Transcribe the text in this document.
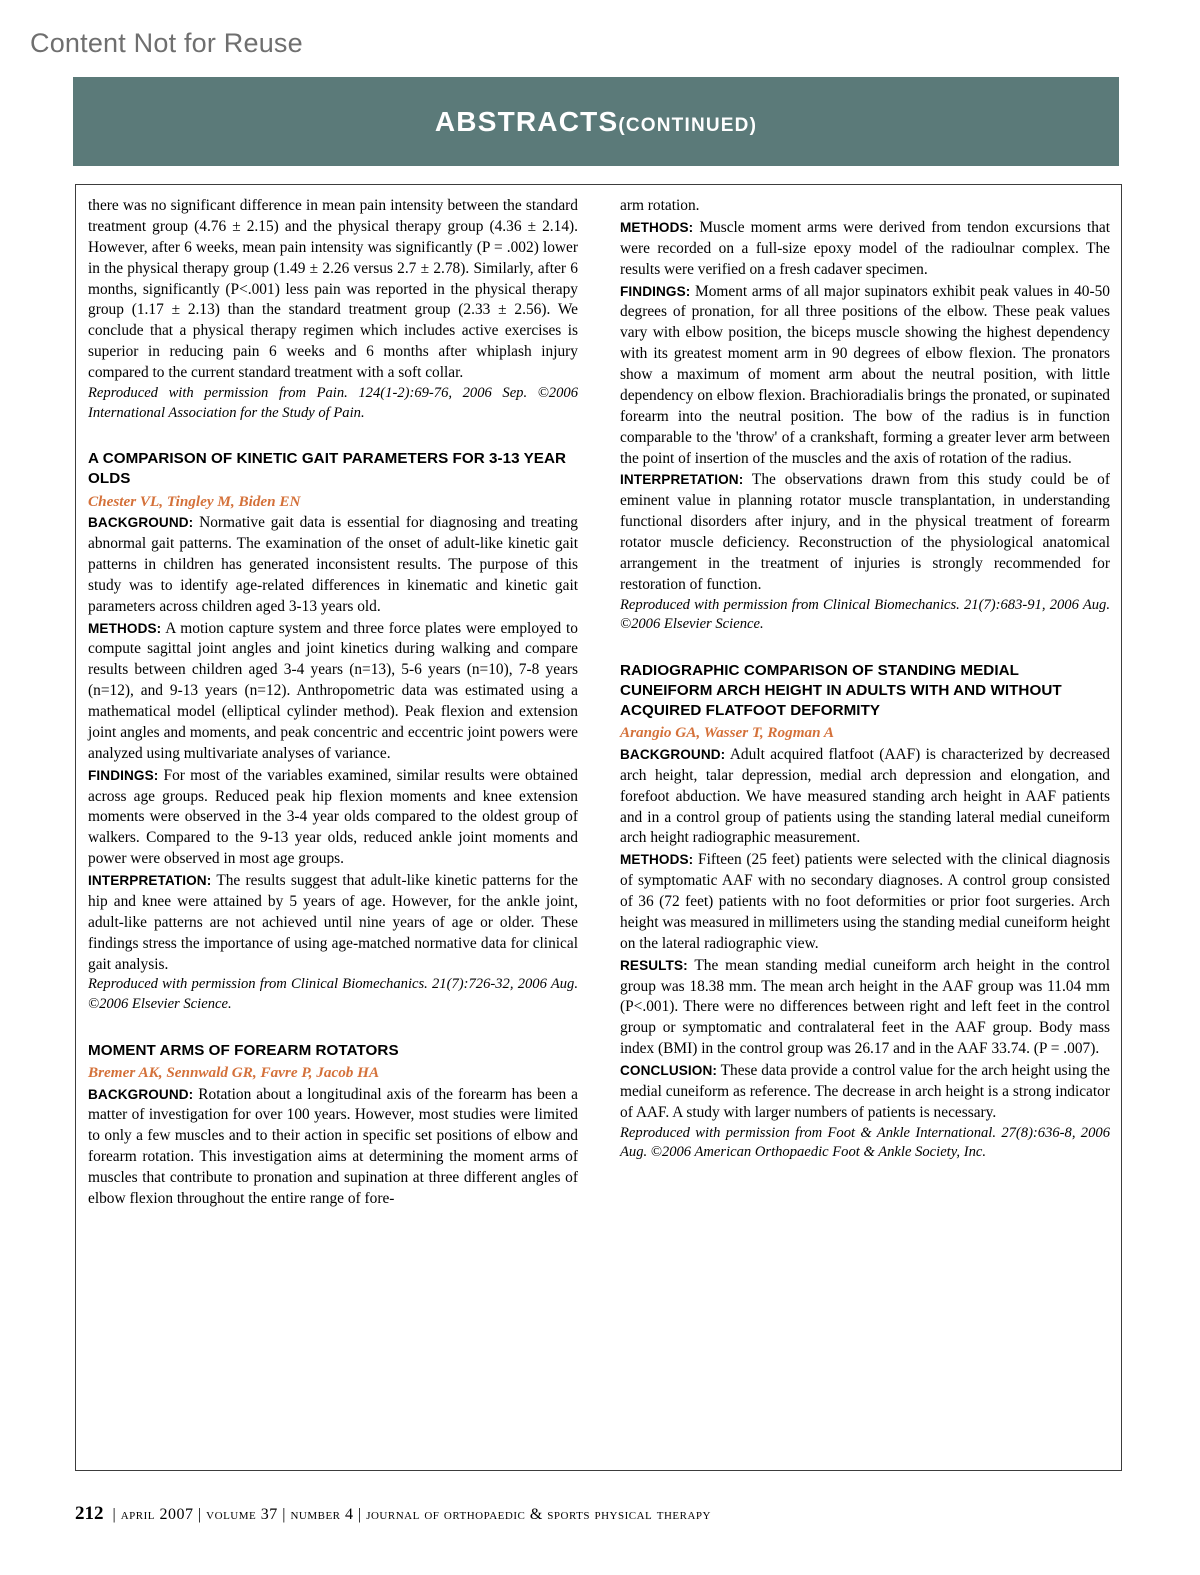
Content Not for Reuse
ABSTRACTS(CONTINUED)

there was no significant difference in mean pain intensity between the standard treatment group (4.76 ± 2.15) and the physical therapy group (4.36 ± 2.14). However, after 6 weeks, mean pain intensity was significantly (P = .002) lower in the physical therapy group (1.49 ± 2.26 versus 2.7 ± 2.78). Similarly, after 6 months, significantly (P<.001) less pain was reported in the physical therapy group (1.17 ± 2.13) than the standard treatment group (2.33 ± 2.56). We conclude that a physical therapy regimen which includes active exercises is superior in reducing pain 6 weeks and 6 months after whiplash injury compared to the current standard treatment with a soft collar.

Reproduced with permission from Pain. 124(1-2):69-76, 2006 Sep. ©2006 International Association for the Study of Pain.

A COMPARISON OF KINETIC GAIT PARAMETERS FOR 3-13 YEAR OLDS

Chester VL, Tingley M, Biden EN

BACKGROUND: Normative gait data is essential for diagnosing and treating abnormal gait patterns. The examination of the onset of adult-like kinetic gait patterns in children has generated inconsistent results. The purpose of this study was to identify age-related differences in kinematic and kinetic gait parameters across children aged 3-13 years old.

METHODS: A motion capture system and three force plates were employed to compute sagittal joint angles and joint kinetics during walking and compare results between children aged 3-4 years (n=13), 5-6 years (n=10), 7-8 years (n=12), and 9-13 years (n=12). Anthropometric data was estimated using a mathematical model (elliptical cylinder method). Peak flexion and extension joint angles and moments, and peak concentric and eccentric joint powers were analyzed using multivariate analyses of variance.

FINDINGS: For most of the variables examined, similar results were obtained across age groups. Reduced peak hip flexion moments and knee extension moments were observed in the 3-4 year olds compared to the oldest group of walkers. Compared to the 9-13 year olds, reduced ankle joint moments and power were observed in most age groups.

INTERPRETATION: The results suggest that adult-like kinetic patterns for the hip and knee were attained by 5 years of age. However, for the ankle joint, adult-like patterns are not achieved until nine years of age or older. These findings stress the importance of using age-matched normative data for clinical gait analysis.

Reproduced with permission from Clinical Biomechanics. 21(7):726-32, 2006 Aug. ©2006 Elsevier Science.

MOMENT ARMS OF FOREARM ROTATORS

Bremer AK, Sennwald GR, Favre P, Jacob HA

BACKGROUND: Rotation about a longitudinal axis of the forearm has been a matter of investigation for over 100 years. However, most studies were limited to only a few muscles and to their action in specific set positions of elbow and forearm rotation. This investigation aims at determining the moment arms of muscles that contribute to pronation and supination at three different angles of elbow flexion throughout the entire range of fore-

arm rotation.

METHODS: Muscle moment arms were derived from tendon excursions that were recorded on a full-size epoxy model of the radioulnar complex. The results were verified on a fresh cadaver specimen.

FINDINGS: Moment arms of all major supinators exhibit peak values in 40-50 degrees of pronation, for all three positions of the elbow. These peak values vary with elbow position, the biceps muscle showing the highest dependency with its greatest moment arm in 90 degrees of elbow flexion. The pronators show a maximum of moment arm about the neutral position, with little dependency on elbow flexion. Brachioradialis brings the pronated, or supinated forearm into the neutral position. The bow of the radius is in function comparable to the 'throw' of a crankshaft, forming a greater lever arm between the point of insertion of the muscles and the axis of rotation of the radius.

INTERPRETATION: The observations drawn from this study could be of eminent value in planning rotator muscle transplantation, in understanding functional disorders after injury, and in the physical treatment of forearm rotator muscle deficiency. Reconstruction of the physiological anatomical arrangement in the treatment of injuries is strongly recommended for restoration of function.

Reproduced with permission from Clinical Biomechanics. 21(7):683-91, 2006 Aug. ©2006 Elsevier Science.

RADIOGRAPHIC COMPARISON OF STANDING MEDIAL CUNEIFORM ARCH HEIGHT IN ADULTS WITH AND WITHOUT ACQUIRED FLATFOOT DEFORMITY

Arangio GA, Wasser T, Rogman A

BACKGROUND: Adult acquired flatfoot (AAF) is characterized by decreased arch height, talar depression, medial arch depression and elongation, and forefoot abduction. We have measured standing arch height in AAF patients and in a control group of patients using the standing lateral medial cuneiform arch height radiographic measurement.

METHODS: Fifteen (25 feet) patients were selected with the clinical diagnosis of symptomatic AAF with no secondary diagnoses. A control group consisted of 36 (72 feet) patients with no foot deformities or prior foot surgeries. Arch height was measured in millimeters using the standing medial cuneiform height on the lateral radiographic view.

RESULTS: The mean standing medial cuneiform arch height in the control group was 18.38 mm. The mean arch height in the AAF group was 11.04 mm (P<.001). There were no differences between right and left feet in the control group or symptomatic and contralateral feet in the AAF group. Body mass index (BMI) in the control group was 26.17 and in the AAF 33.74. (P = .007).

CONCLUSION: These data provide a control value for the arch height using the medial cuneiform as reference. The decrease in arch height is a strong indicator of AAF. A study with larger numbers of patients is necessary.

Reproduced with permission from Foot & Ankle International. 27(8):636-8, 2006 Aug. ©2006 American Orthopaedic Foot & Ankle Society, Inc.

212 | april 2007 | volume 37 | number 4 | journal of orthopaedic & sports physical therapy
